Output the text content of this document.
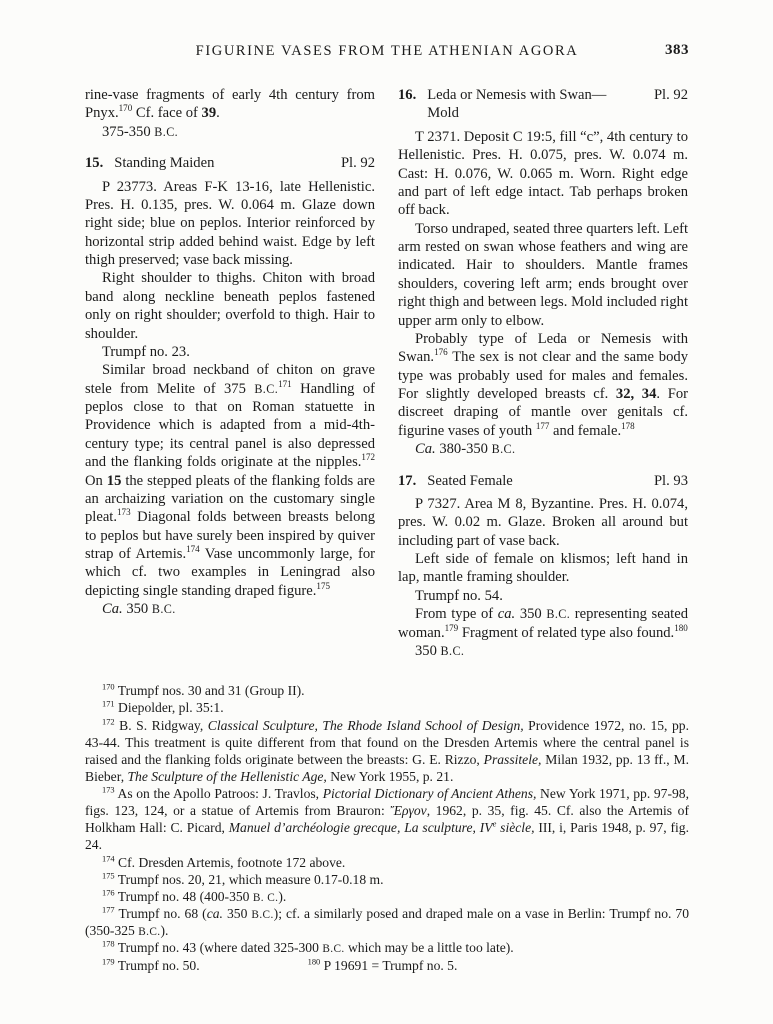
FIGURINE VASES FROM THE ATHENIAN AGORA	383

rine-vase fragments of early 4th century from Pnyx.$^{170}$ Cf. face of 39.

375-350 B.C.

15. Standing Maiden	Pl. 92

P 23773. Areas F-K 13-16, late Hellenistic. Pres. H. 0.135, pres. W. 0.064 m. Glaze down right side; blue on peplos. Interior reinforced by horizontal strip added behind waist. Edge by left thigh preserved; vase back missing.

Right shoulder to thighs. Chiton with broad band along neckline beneath peplos fastened only on right shoulder; overfold to thigh. Hair to shoulder.

Trumpf no. 23.

Similar broad neckband of chiton on grave stele from Melite of 375 B.C.$^{171}$ Handling of peplos close to that on Roman statuette in Providence which is adapted from a mid-4th-century type; its central panel is also depressed and the flanking folds originate at the nipples.$^{172}$ On 15 the stepped pleats of the flanking folds are an archaizing variation on the customary single pleat.$^{173}$ Diagonal folds between breasts belong to peplos but have surely been inspired by quiver strap of Artemis.$^{174}$ Vase uncommonly large, for which cf. two examples in Leningrad also depicting single standing draped figure.$^{175}$

Ca. 350 B.C.

16. Leda or Nemesis with Swan—
Mold
Pl. 92

T 2371. Deposit C 19:5, fill “c”, 4th century to Hellenistic. Pres. H. 0.075, pres. W. 0.074 m. Cast: H. 0.076, W. 0.065 m. Worn. Right edge and part of left edge intact. Tab perhaps broken off back.

Torso undraped, seated three quarters left. Left arm rested on swan whose feathers and wing are indicated. Hair to shoulders. Mantle frames shoulders, covering left arm; ends brought over right thigh and between legs. Mold included right upper arm only to elbow.

Probably type of Leda or Nemesis with Swan.$^{176}$ The sex is not clear and the same body type was probably used for males and females. For slightly developed breasts cf. 32, 34. For discreet draping of mantle over genitals cf. figurine vases of youth $^{177}$ and female.$^{178}$

Ca. 380-350 B.C.

17. Seated Female	Pl. 93

P 7327. Area M 8, Byzantine. Pres. H. 0.074, pres. W. 0.02 m. Glaze. Broken all around but including part of vase back.

Left side of female on klismos; left hand in lap, mantle framing shoulder.

Trumpf no. 54.

From type of ca. 350 B.C. representing seated woman.$^{179}$ Fragment of related type also found.$^{180}$

350 B.C.

$^{170}$ Trumpf nos. 30 and 31 (Group II).

$^{171}$ Diepolder, pl. 35:1.

$^{172}$ B. S. Ridgway, Classical Sculpture, The Rhode Island School of Design, Providence 1972, no. 15, pp. 43-44. This treatment is quite different from that found on the Dresden Artemis where the central panel is raised and the flanking folds originate between the breasts: G. E. Rizzo, Prassitele, Milan 1932, pp. 13 ff., M. Bieber, The Sculpture of the Hellenistic Age, New York 1955, p. 21.

$^{173}$ As on the Apollo Patroos: J. Travlos, Pictorial Dictionary of Ancient Athens, New York 1971, pp. 97-98, figs. 123, 124, or a statue of Artemis from Brauron: Ἔργον, 1962, p. 35, fig. 45. Cf. also the Artemis of Holkham Hall: C. Picard, Manuel d’archéologie grecque, La sculpture, IVe siècle, III, i, Paris 1948, p. 97, fig. 24.

$^{174}$ Cf. Dresden Artemis, footnote 172 above.

$^{175}$ Trumpf nos. 20, 21, which measure 0.17-0.18 m.

$^{176}$ Trumpf no. 48 (400-350 B. C.).

$^{177}$ Trumpf no. 68 (ca. 350 B.C.); cf. a similarly posed and draped male on a vase in Berlin: Trumpf no. 70 (350-325 B.C.).

$^{178}$ Trumpf no. 43 (where dated 325-300 B.C. which may be a little too late).

$^{179}$ Trumpf no. 50.	$^{180}$ P 19691 = Trumpf no. 5.
